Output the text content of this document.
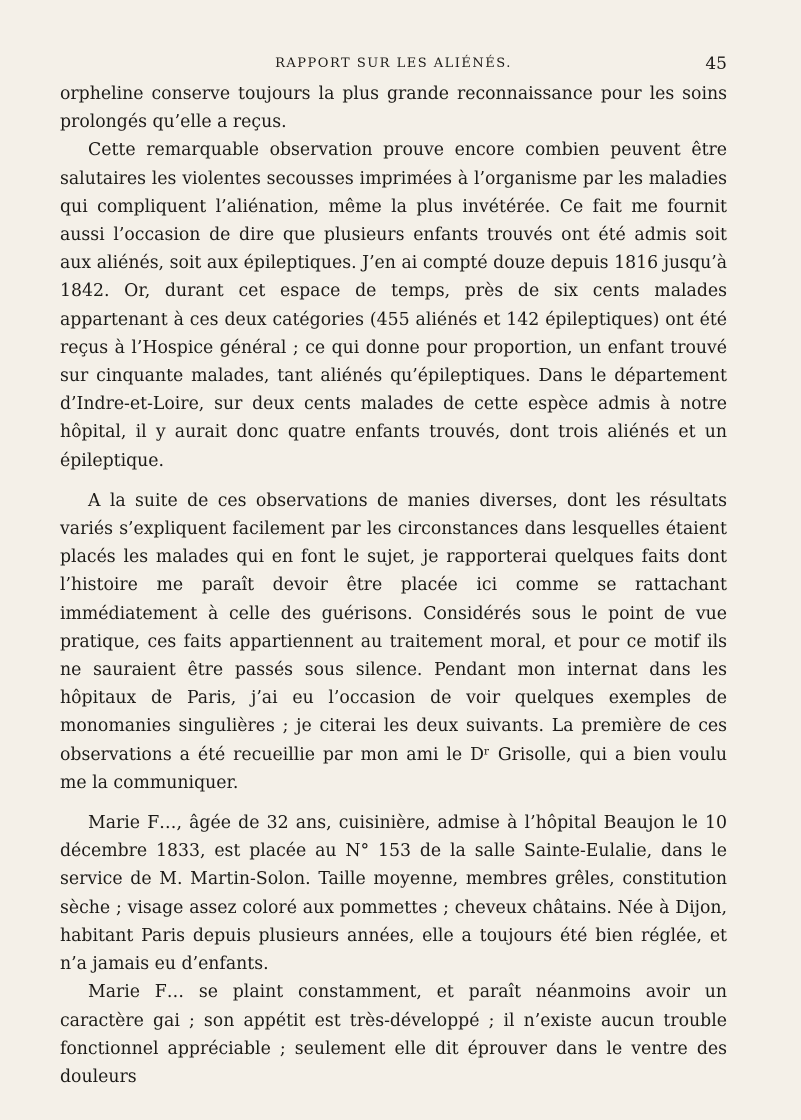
RAPPORT SUR LES ALIÉNÉS.	45

orpheline conserve toujours la plus grande reconnaissance pour les soins prolongés qu’elle a reçus.

Cette remarquable observation prouve encore combien peuvent être salutaires les violentes secousses imprimées à l’organisme par les maladies qui compliquent l’aliénation, même la plus invétérée. Ce fait me fournit aussi l’occasion de dire que plusieurs enfants trouvés ont été admis soit aux aliénés, soit aux épileptiques. J’en ai compté douze depuis 1816 jusqu’à 1842. Or, durant cet espace de temps, près de six cents malades appartenant à ces deux catégories (455 aliénés et 142 épileptiques) ont été reçus à l’Hospice général ; ce qui donne pour proportion, un enfant trouvé sur cinquante malades, tant aliénés qu’épileptiques. Dans le département d’Indre-et-Loire, sur deux cents malades de cette espèce admis à notre hôpital, il y aurait donc quatre enfants trouvés, dont trois aliénés et un épileptique.

A la suite de ces observations de manies diverses, dont les résultats variés s’expliquent facilement par les circonstances dans lesquelles étaient placés les malades qui en font le sujet, je rapporterai quelques faits dont l’histoire me paraît devoir être placée ici comme se rattachant immédiatement à celle des guérisons. Considérés sous le point de vue pratique, ces faits appartiennent au traitement moral, et pour ce motif ils ne sauraient être passés sous silence. Pendant mon internat dans les hôpitaux de Paris, j’ai eu l’occasion de voir quelques exemples de monomanies singulières ; je citerai les deux suivants. La première de ces observations a été recueillie par mon ami le Dʳ Grisolle, qui a bien voulu me la communiquer.

Marie F…, âgée de 32 ans, cuisinière, admise à l’hôpital Beaujon le 10 décembre 1833, est placée au N° 153 de la salle Sainte-Eulalie, dans le service de M. Martin-Solon. Taille moyenne, membres grêles, constitution sèche ; visage assez coloré aux pommettes ; cheveux châtains. Née à Dijon, habitant Paris depuis plusieurs années, elle a toujours été bien réglée, et n’a jamais eu d’enfants.

Marie F… se plaint constamment, et paraît néanmoins avoir un caractère gai ; son appétit est très-développé ; il n’existe aucun trouble fonctionnel appréciable ; seulement elle dit éprouver dans le ventre des douleurs
